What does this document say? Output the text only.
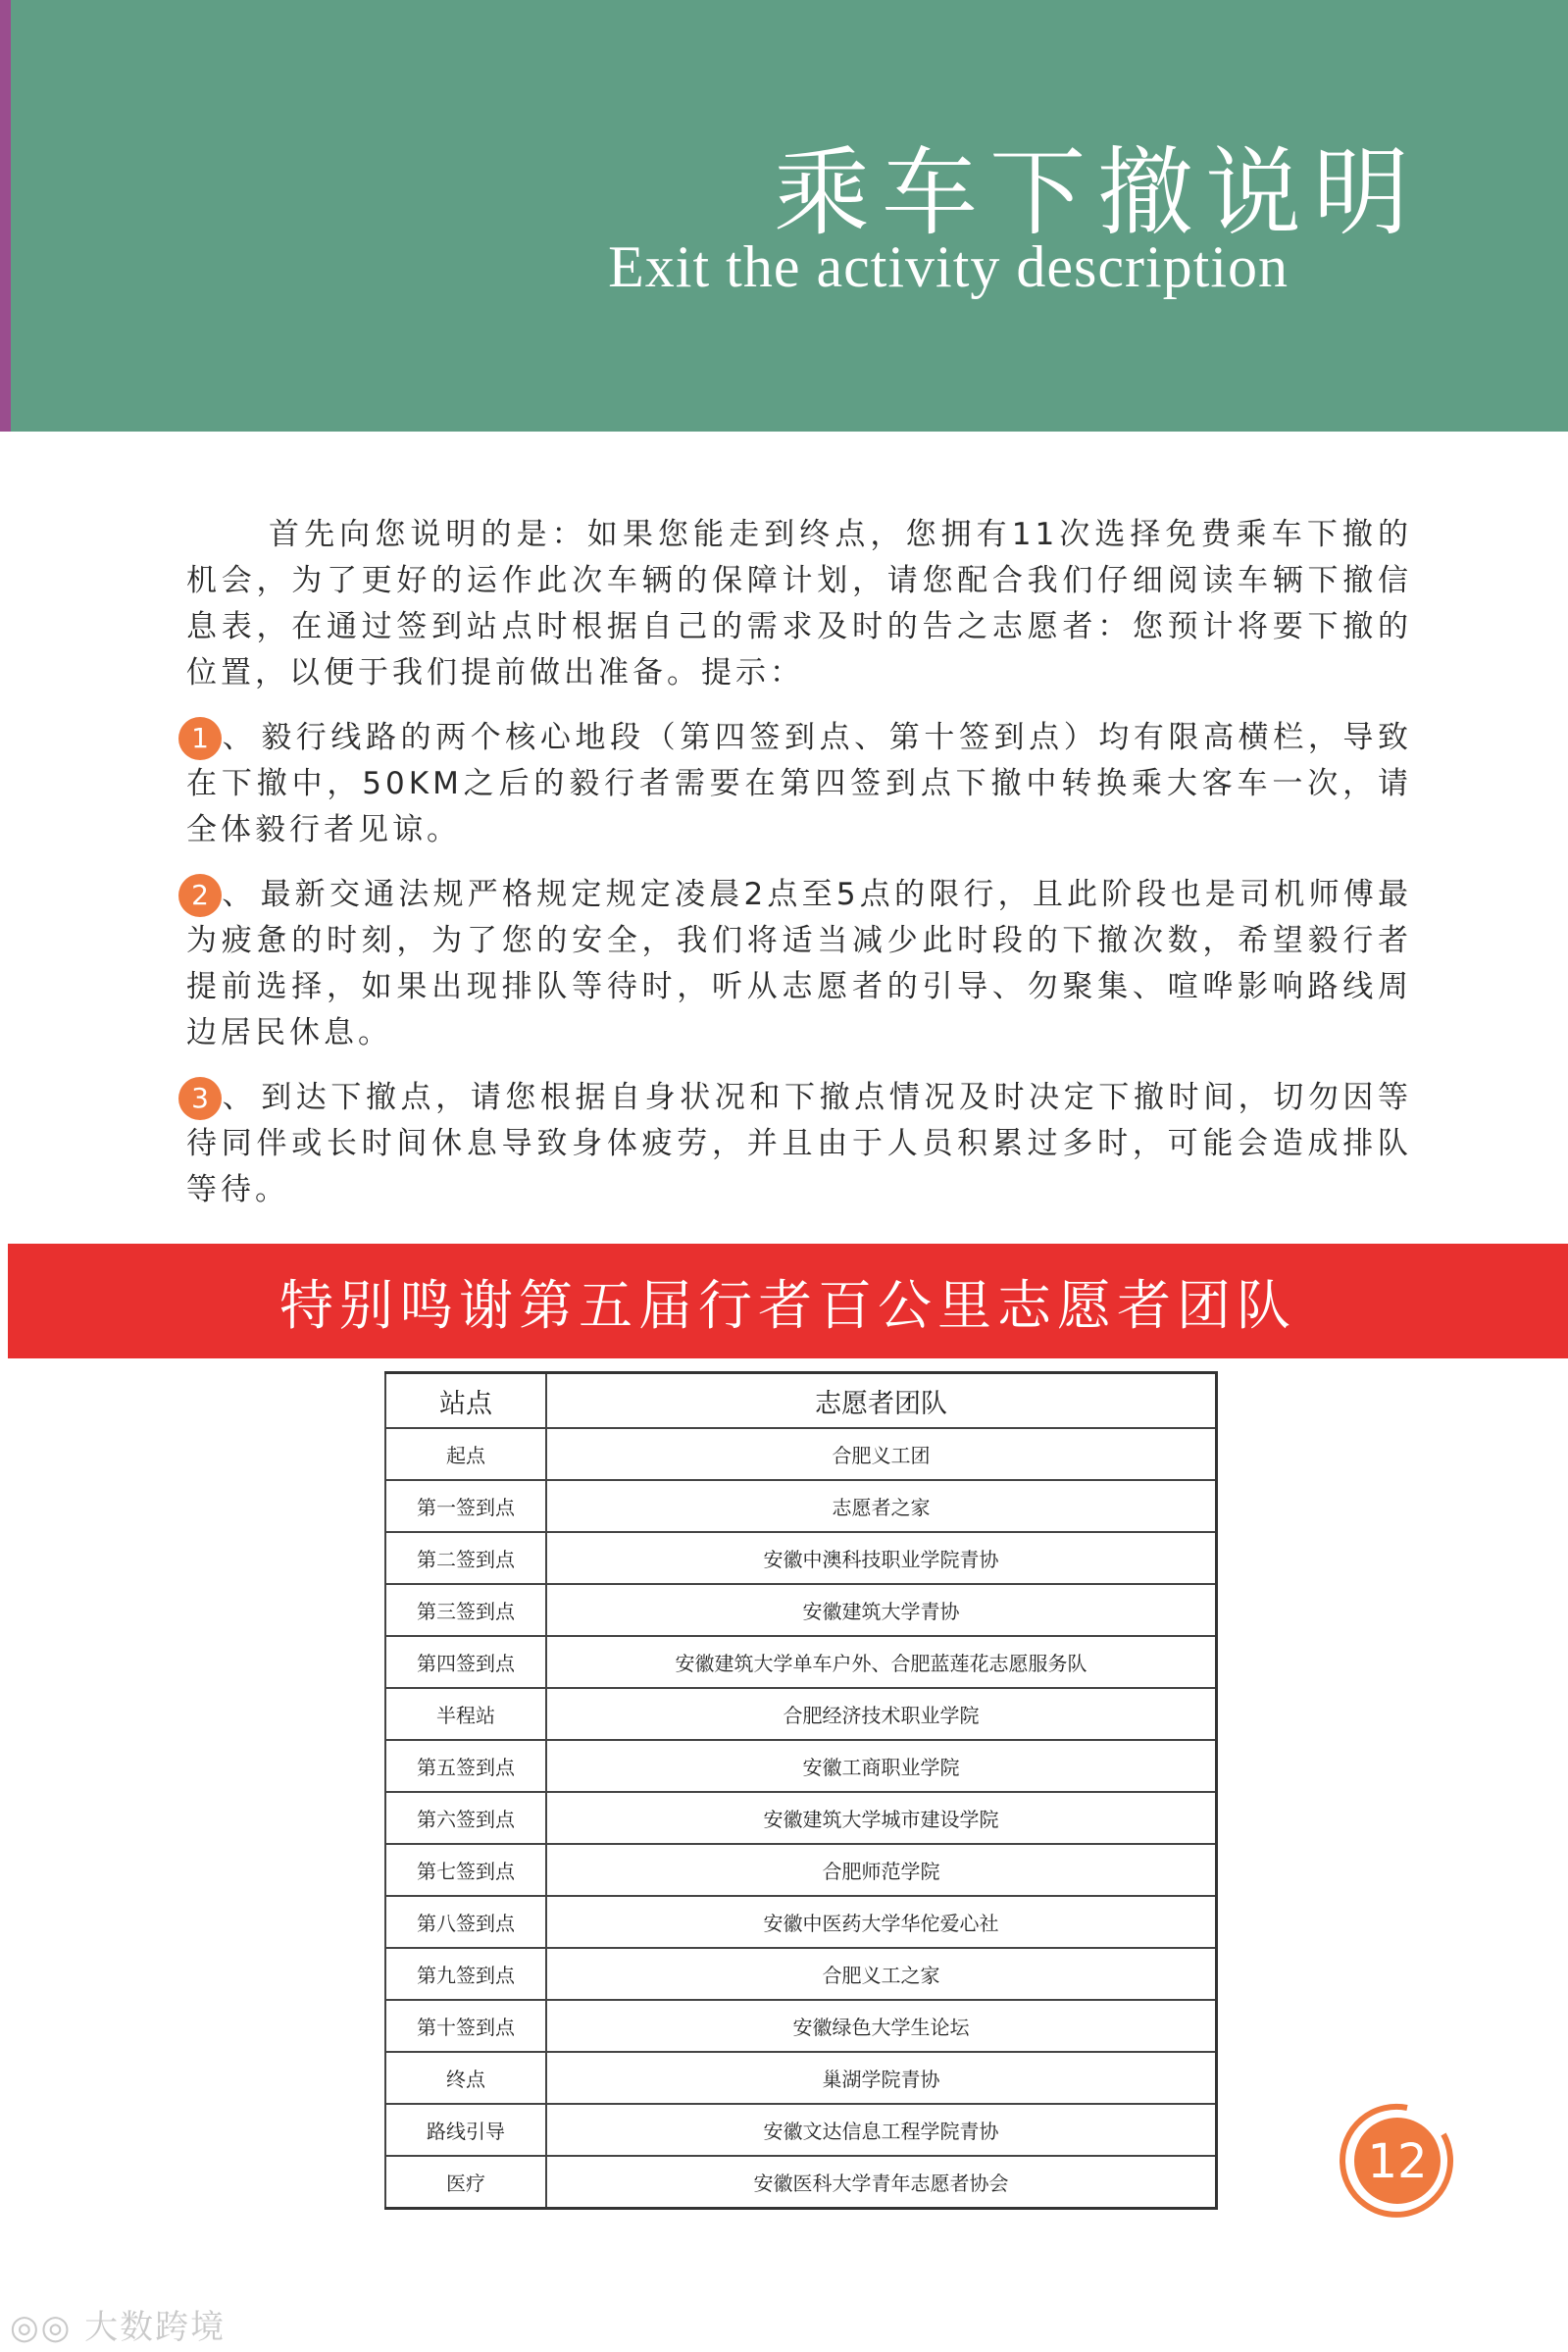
乘车下撤说明
Exit the activity description

首先向您说明的是：如果您能走到终点，您拥有11次选择免费乘车下撤的机会，为了更好的运作此次车辆的保障计划，请您配合我们仔细阅读车辆下撤信息表，在通过签到站点时根据自己的需求及时的告之志愿者：您预计将要下撤的位置，以便于我们提前做出准备。提示：

1 、 毅行线路的两个核心地段（第四签到点、第十签到点）均有限高横栏，导致在下撤中，50KM之后的毅行者需要在第四签到点下撤中转换乘大客车一次，请全体毅行者见谅。

2 、 最新交通法规严格规定规定凌晨2点至5点的限行，且此阶段也是司机师傅最为疲惫的时刻，为了您的安全，我们将适当减少此时段的下撤次数，希望毅行者提前选择，如果出现排队等待时，听从志愿者的引导、勿聚集、喧哗影响路线周边居民休息。

3 、 到达下撤点，请您根据自身状况和下撤点情况及时决定下撤时间，切勿因等待同伴或长时间休息导致身体疲劳，并且由于人员积累过多时，可能会造成排队等待。

特别鸣谢第五届行者百公里志愿者团队
站点	志愿者团队
起点	合肥义工团
第一签到点	志愿者之家
第二签到点	安徽中澳科技职业学院青协
第三签到点	安徽建筑大学青协
第四签到点	安徽建筑大学单车户外、合肥蓝莲花志愿服务队
半程站	合肥经济技术职业学院
第五签到点	安徽工商职业学院
第六签到点	安徽建筑大学城市建设学院
第七签到点	合肥师范学院
第八签到点	安徽中医药大学华佗爱心社
第九签到点	合肥义工之家
第十签到点	安徽绿色大学生论坛
终点	巢湖学院青协
路线引导	安徽文达信息工程学院青协
医疗	安徽医科大学青年志愿者协会	12
◎◎ 大数跨境
